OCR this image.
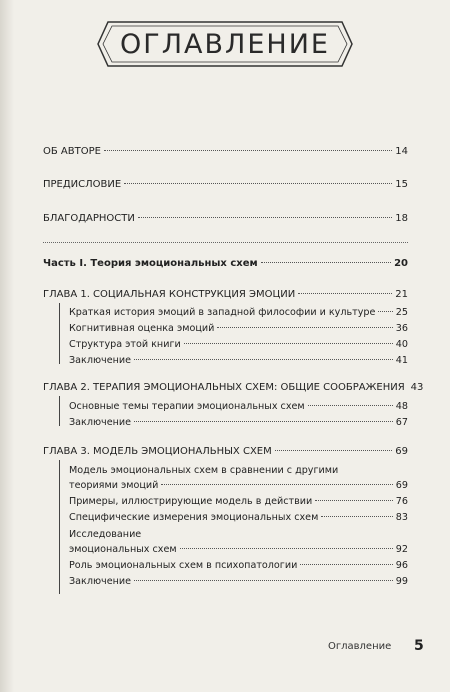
ОГЛАВЛЕНИЕ
ОБ АВТОРЕ	14
ПРЕДИСЛОВИЕ	15
БЛАГОДАРНОСТИ	18
Часть I. Теория эмоциональных схем	20
ГЛАВА 1. СОЦИАЛЬНАЯ КОНСТРУКЦИЯ ЭМОЦИИ	21
Краткая история эмоций в западной философии и культуре 25
Когнитивная оценка эмоций	36
Структура этой книги	40
Заключение	41
ГЛАВА 2. ТЕРАПИЯ ЭМОЦИОНАЛЬНЫХ СХЕМ: ОБЩИЕ СООБРАЖЕНИЯ 43
Основные темы терапии эмоциональных схем	48
Заключение	67
ГЛАВА 3. МОДЕЛЬ ЭМОЦИОНАЛЬНЫХ СХЕМ	69
Модель эмоциональных схем в сравнении с другими
теориями эмоций	69
Примеры, иллюстрирующие модель в действии	76
Специфические измерения эмоциональных схем	83
Исследование
эмоциональных схем	92
Роль эмоциональных схем в психопатологии	96
Заключение	99
Оглавление 5
